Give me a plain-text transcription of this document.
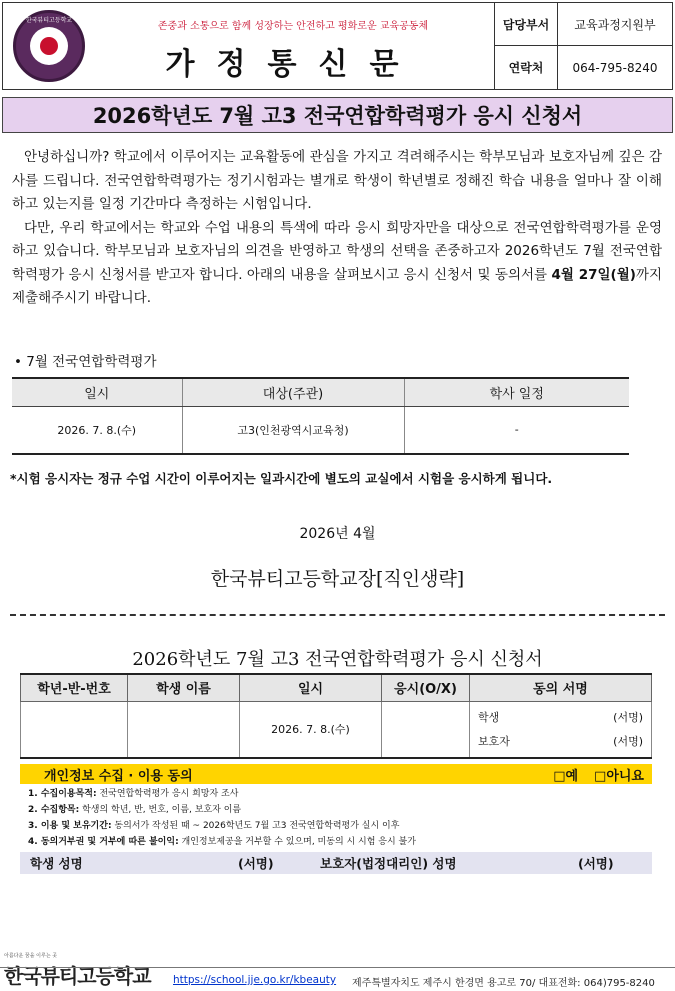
한국뷰티고등학교
존중과 소통으로 함께 성장하는 안전하고 평화로운 교육공동체
가정통신문
담당부서	교육과정지원부
연락처	064-795-8240
2026학년도 7월 고3 전국연합학력평가 응시 신청서

안녕하십니까? 학교에서 이루어지는 교육활동에 관심을 가지고 격려해주시는 학부모님과 보호자님께 깊은 감사를 드립니다. 전국연합학력평가는 정기시험과는 별개로 학생이 학년별로 정해진 학습 내용을 얼마나 잘 이해하고 있는지를 일정 기간마다 측정하는 시험입니다.

다만, 우리 학교에서는 학교와 수업 내용의 특색에 따라 응시 희망자만을 대상으로 전국연합학력평가를 운영하고 있습니다. 학부모님과 보호자님의 의견을 반영하고 학생의 선택을 존중하고자 2026학년도 7월 전국연합학력평가 응시 신청서를 받고자 합니다. 아래의 내용을 살펴보시고 응시 신청서 및 동의서를 4월 27일(월)까지 제출해주시기 바랍니다.

• 7월 전국연합학력평가
일시	대상(주관)	학사 일정
2026. 7. 8.(수)	고3(인천광역시교육청)	-
*시험 응시자는 정규 수업 시간이 이루어지는 일과시간에 별도의 교실에서 시험을 응시하게 됩니다.
2026년 4월
한국뷰티고등학교장[직인생략]
2026학년도 7월 고3 전국연합학력평가 응시 신청서
학년-반-번호	학생 이름	일시	응시(O/X)	동의 서명
		2026. 7. 8.(수)		학생 (서명)
보호자 (서명)
개인정보 수집 · 이용 동의	□예 □아니요
1. 수집이용목적: 전국연합학력평가 응시 희망자 조사
2. 수집항목: 학생의 학년, 반, 번호, 이름, 보호자 이름
3. 이용 및 보유기간: 동의서가 작성된 때 ~ 2026학년도 7월 고3 전국연합학력평가 실시 이후
4. 동의거부권 및 거부에 따른 불이익: 개인정보제공을 거부할 수 있으며, 미동의 시 시험 응시 불가
학생 성명	(서명)	보호자(법정대리인) 성명	(서명)
아름다운 꿈을 이루는 곳
한국뷰티고등학교 https://school.jje.go.kr/kbeauty 제주특별자치도 제주시 한경면 용고로 70/ 대표전화: 064)795-8240
